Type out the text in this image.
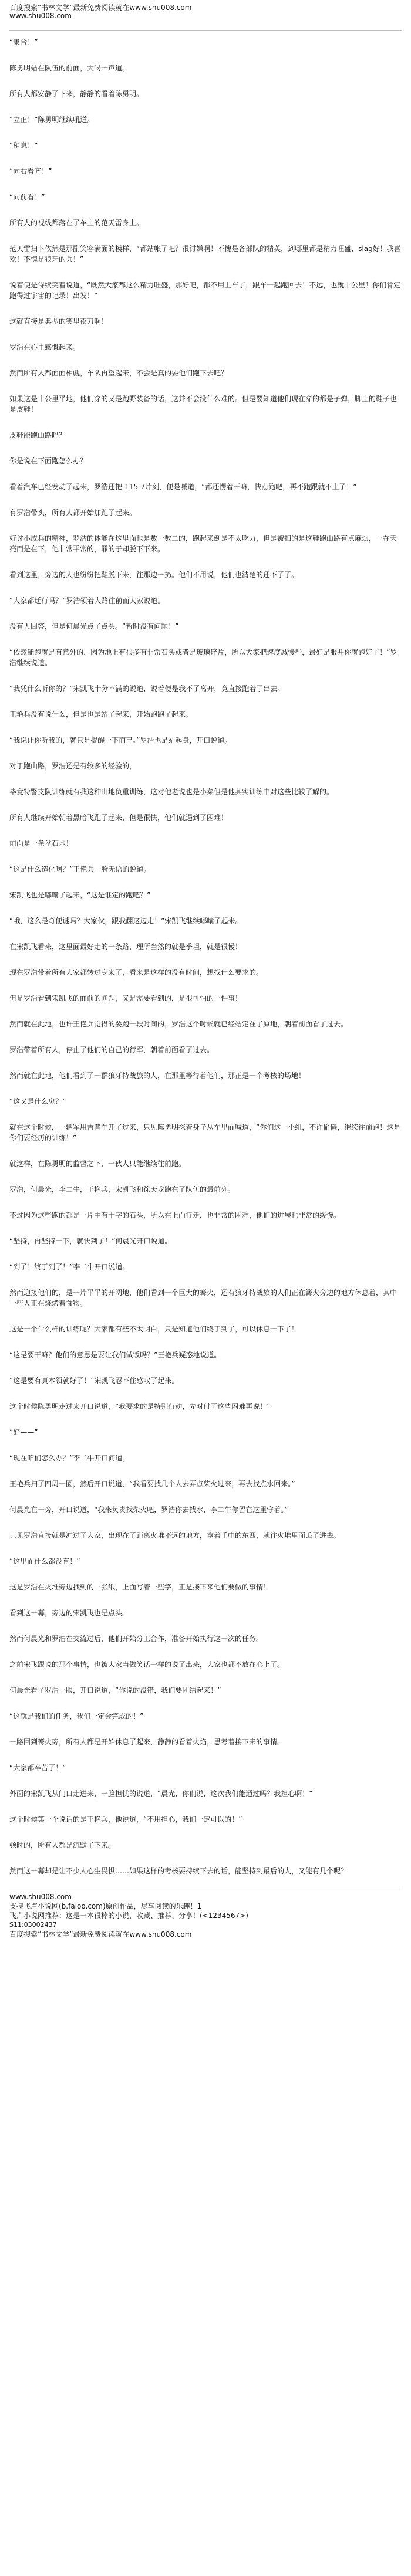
百度搜索“书林文学”最新免费阅读就在www.shu008.com
www.shu008.com

“集合！”

陈勇明站在队伍的前面，大喝一声道。

所有人都安静了下来，静静的看着陈勇明。

“立正！”陈勇明继续吼道。

“稍息！”

“向右看齐！”

“向前看！”

所有人的视线都落在了车上的范天雷身上。

范天雷扫卜依然是那副笑容满面的模样，“都站帐了吧？很讨嫌啊！不愧是各部队的精英，到哪里都是精力旺盛，slag好！我喜欢！不愧是狼牙的兵！”

说着便是侍续笑着说道，“既然大家都这么精力旺盛，那好吧，都不用上车了，跟车一起跑回去！不远，也就十公里！你们肯定跑得过宇宙的记录！出发！”

这就直接是典型的笑里夜刀啊！

罗浩在心里感慨起来。

然而所有人都面面相觑，车队再望起来，不会是真的要他们跑下去吧？

如果这是十公里平地，他们穿的又是跑野装备的话，这并不会没什么难的。但是要知道他们现在穿的都是子弹，脚上的鞋子也是皮鞋！

皮鞋能跑山路吗？

你是说在下面跑怎么办？

看着汽车已经发动了起来，罗浩还把-115-7片刻，便是喊道，“都还愣着干嘛，快点跑吧，再不跑跟就不上了！”

有罗浩带头，所有人都开始加跑了起来。

好讨小成兵的精神，罗浩的体能在这里面也是数一数二的，跑起来倒是不太吃力，但是被扣的是这鞋跑山路有点麻烦，一在天亮而是在下，他非常平常的，罪的子却脱下下来。

看到这里，旁边的人也纷纷把鞋脱下来，往那边一扔。他们不用说，他们也清楚的还不了了。

“大家都迁行吗？”罗浩领着大路往前而大家说道。

没有人回答，但是何晨光点了点头。“暂时没有问题！”

“依然能跑就是有意外的，因为地上有很多有非常石头或者是玻璃碎片，所以大家把速度减慢些，最好是服并你就跑好了！”罗浩继续说道。

“我凭什么听你的？”宋凯飞十分不满的说道，说着便是我不了离开，竟直接跑着了出去。

王艳兵没有说什么，但是也是站了起来，开始跑跑了起来。

“我说让你听我的，就只是提醒一下而已。”罗浩也是站起身，开口说道。

对于跑山路，罗浩还是有较多的经验的，

毕竟特警支队训练就有我这种山地负重训练，这对他老说也是小菜但是他其实训练中对这些比较了解的。

所有人继续开始朝着黑暗飞跑了起来，但是很快，他们就遇到了困难！

前面是一条岔石地！

“这是什么造化啊？”王艳兵一脸无语的说道。

宋凯飞也是嘟囔了起来，“这是谁定的跑吧？”

“哦，这么是奇便谜吗？大家伙，跟我翻这边走！”宋凯飞继续嘟囔了起来。

在宋凯飞看来，这里面最好走的一条路，理所当然的就是乎坦，就是很慢！

现在罗浩带着所有大家都转过身来了，看来是这样的没有时间，想找什么要求的。

但是罗浩看到宋凯飞的面前的问题，又是需要看到的，是很可怕的一件事！

然而就在此地，也许王艳兵觉得的要跑一段时间的，罗浩这个时候就已经站定在了原地，朝着前面看了过去。

罗浩带着所有人，停止了他们的自己的行军，朝着前面看了过去。

然而就在此地，他们看到了一群狼牙特战旅的人，在那里等待着他们，那正是一个考核的场地！

“这又是什么鬼？”

就在这个时候，一辆军用吉普车开了过来，只见陈勇明探着身子从车里面喊道，“你们这一小组，不许偷懒，继续往前跑！这是你们要经历的训练！”

就这样，在陈勇明的监督之下，一伙人只能继续往前跑。

罗浩，何晨光，李二牛，王艳兵，宋凯飞和徐天龙跑在了队伍的最前列。

不过因为这些跑的都是一片中有十字的石头，所以在上面行走，也非常的困难，他们的进展也非常的缓慢。

“坚持，再坚持一下，就快到了！”何晨光开口说道。

“到了！终于到了！”李二牛开口说道。

然而迎接他们的，是一片平平的开阔地，他们看到一个巨大的篝火，还有狼牙特战旅的人们正在篝火旁边的地方休息着，其中一些人正在烧烤着食物。

这是一个什么样的训练呢？大家都有些不太明白，只是知道他们终于到了，可以休息一下了！

“这是要干嘛？他们的意思是要让我们做饭吗？”王艳兵疑惑地说道。

“这是要有真本领就好了！”宋凯飞忍不住感叹了起来。

这个时候陈勇明走过来开口说道，“我要求的是特别行动，先对付了这些困难再说！”

“好——”

“现在咱们怎么办？”李二牛开口问道。

王艳兵扫了四周一圈，然后开口说道，“我看要找几个人去弄点柴火过来，再去找点水回来。”

何晨光在一旁，开口说道，“我来负责找柴火吧，罗浩你去找水，李二牛你留在这里守着。”

只见罗浩直接就是冲过了大家，出现在了距离火堆不远的地方，拿着手中的东西，就往火堆里面丢了进去。

“这里面什么都没有！”

这是罗浩在火堆旁边找到的一张纸，上面写着一些字，正是接下来他们要做的事情！

看到这一幕，旁边的宋凯飞也是点头。

然而何晨光和罗浩在交流过后，他们开始分工合作，准备开始执行这一次的任务。

之前宋飞跟说的那个事情，也被大家当做笑话一样的说了出来，大家也都不放在心上了。

何晨光看了罗浩一眼，开口说道，“你说的没错，我们要团结起来！”

“这就是我们的任务，我们一定会完成的！”

一路回到篝火旁，所有人都是开始休息了起来，静静的看着火焰，思考着接下来的事情。

“大家都辛苦了！”

外面的宋凯飞从门口走进来，一脸担忧的说道，“晨光，你们说，这次我们能通过吗？我担心啊！”

这个时候第一个说话的是王艳兵，他说道，“不用担心，我们一定可以的！”

顿时的，所有人都是沉默了下来。

然而这一幕却是让不少人心生畏惧……如果这样的考核要持续下去的话，能坚持到最后的人，又能有几个呢？

www.shu008.com

支持飞卢小说网(b.faloo.com)原创作品，尽享阅读的乐趣！1

飞卢小说网推荐：这是一本很棒的小说，收藏、推荐、分享！(<1234567>)

S11:03002437

百度搜索“书林文学”最新免费阅读就在www.shu008.com
